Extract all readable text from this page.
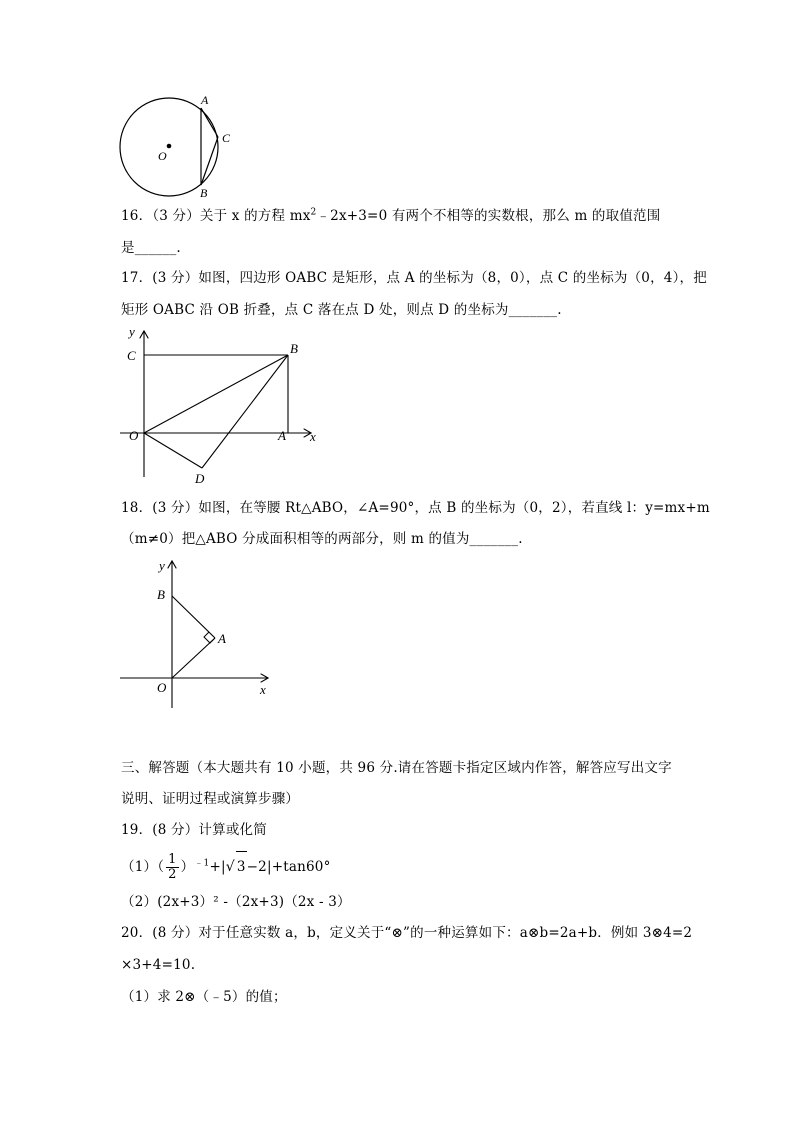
A
C
O
B
16．（3 分）关于 x 的方程 $mx^2﹣2x+3=0$ 有两个不相等的实数根，那么 m 的取值范围
是______.
17．(3 分）如图，四边形 OABC 是矩形，点 A 的坐标为（8，0），点 C 的坐标为（0，4），把
矩形 OABC 沿 OB 折叠，点 C 落在点 D 处，则点 D 的坐标为_______.
y
C	B
O	A x
D
18．(3 分）如图，在等腰 Rt△ABO，∠A=90°，点 B 的坐标为（0，2），若直线 l：y=mx+m
（m≠0）把△ABO 分成面积相等的两部分，则 m 的值为_______.
y
B
A
O	x
三、解答题（本大题共有 10 小题，共 96 分.请在答题卡指定区域内作答，解答应写出文字
说明、证明过程或演算步骤）
19．(8 分）计算或化简
$(1)( \frac{1}{2} )^{﹣1}+|√$ 3−2|+tan60°
（2）(2x+3）² -（2x+3)（2x - 3）
20．(8 分）对于任意实数 a，b，定义关于“⊗”的一种运算如下：a⊗b=2a+b．例如 3⊗4=2
×3+4=10.
（1）求 2⊗（﹣5）的值；
